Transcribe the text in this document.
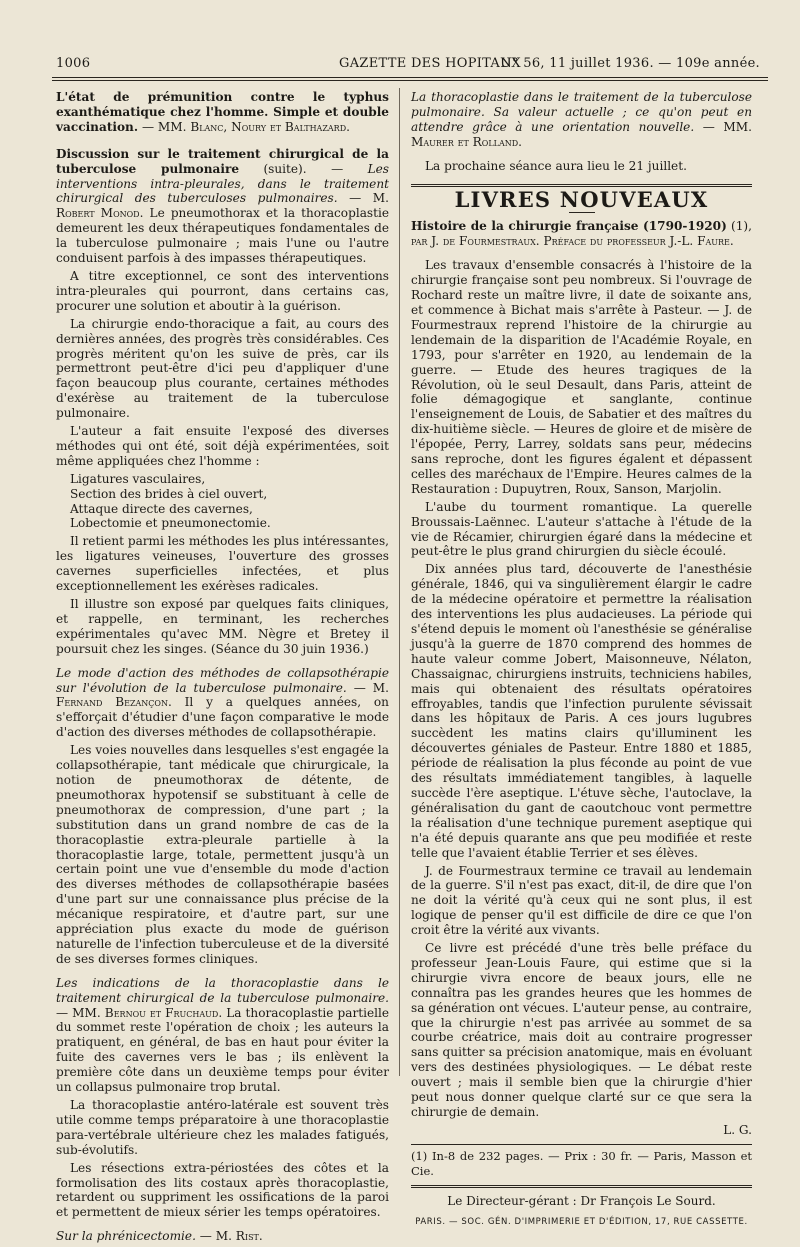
1006	GAZETTE DES HOPITAUX
N° 56, 11 juillet 1936. — 109e année.

L'état de prémunition contre le typhus exanthématique chez l'homme. Simple et double vaccination. — MM. Blanc, Noury et Balthazard.

Discussion sur le traitement chirurgical de la tuberculose pulmonaire (suite). — Les interventions intra-pleurales, dans le traitement chirurgical des tuberculoses pulmonaires. — M. Robert Monod. Le pneumothorax et la thoracoplastie demeurent les deux thérapeutiques fondamentales de la tuberculose pulmonaire ; mais l'une ou l'autre conduisent parfois à des impasses thérapeutiques.

A titre exceptionnel, ce sont des interventions intra-pleurales qui pourront, dans certains cas, procurer une solution et aboutir à la guérison.

La chirurgie endo-thoracique a fait, au cours des dernières années, des progrès très considérables. Ces progrès méritent qu'on les suive de près, car ils permettront peut-être d'ici peu d'appliquer d'une façon beaucoup plus courante, certaines méthodes d'exérèse au traitement de la tuberculose pulmonaire.

L'auteur a fait ensuite l'exposé des diverses méthodes qui ont été, soit déjà expérimentées, soit même appliquées chez l'homme :

Ligatures vasculaires,

Section des brides à ciel ouvert,

Attaque directe des cavernes,

Lobectomie et pneumonectomie.

Il retient parmi les méthodes les plus intéressantes, les ligatures veineuses, l'ouverture des grosses cavernes superficielles infectées, et plus exceptionnellement les exérèses radicales.

Il illustre son exposé par quelques faits cliniques, et rappelle, en terminant, les recherches expérimentales qu'avec MM. Nègre et Bretey il poursuit chez les singes. (Séance du 30 juin 1936.)

Le mode d'action des méthodes de collapsothérapie sur l'évolution de la tuberculose pulmonaire. — M. Fernand Bezançon. Il y a quelques années, on s'efforçait d'étudier d'une façon comparative le mode d'action des diverses méthodes de collapsothérapie.

Les voies nouvelles dans lesquelles s'est engagée la collapsothérapie, tant médicale que chirurgicale, la notion de pneumothorax de détente, de pneumothorax hypotensif se substituant à celle de pneumothorax de compression, d'une part ; la substitution dans un grand nombre de cas de la thoracoplastie extra-pleurale partielle à la thoracoplastie large, totale, permettent jusqu'à un certain point une vue d'ensemble du mode d'action des diverses méthodes de collapsothérapie basées d'une part sur une connaissance plus précise de la mécanique respiratoire, et d'autre part, sur une appréciation plus exacte du mode de guérison naturelle de l'infection tuberculeuse et de la diversité de ses diverses formes cliniques.

Les indications de la thoracoplastie dans le traitement chirurgical de la tuberculose pulmonaire. — MM. Bernou et Fruchaud. La thoracoplastie partielle du sommet reste l'opération de choix ; les auteurs la pratiquent, en général, de bas en haut pour éviter la fuite des cavernes vers le bas ; ils enlèvent la première côte dans un deuxième temps pour éviter un collapsus pulmonaire trop brutal.

La thoracoplastie antéro-latérale est souvent très utile comme temps préparatoire à une thoracoplastie para-vertébrale ultérieure chez les malades fatigués, sub-évolutifs.

Les résections extra-périostées des côtes et la formolisation des lits costaux après thoracoplastie, retardent ou suppriment les ossifications de la paroi et permettent de mieux sérier les temps opératoires.

Sur la phrénicectomie. — M. Rist.

La thoracoplastie dans le traitement de la tuberculose pulmonaire. Sa valeur actuelle ; ce qu'on peut en attendre grâce à une orientation nouvelle. — MM. Maurer et Rolland.

La prochaine séance aura lieu le 21 juillet.

LIVRES NOUVEAUX

Histoire de la chirurgie française (1790-1920) (1), par J. de Fourmestraux. Préface du professeur J.-L. Faure.

Les travaux d'ensemble consacrés à l'histoire de la chirurgie française sont peu nombreux. Si l'ouvrage de Rochard reste un maître livre, il date de soixante ans, et commence à Bichat mais s'arrête à Pasteur. — J. de Fourmestraux reprend l'histoire de la chirurgie au lendemain de la disparition de l'Académie Royale, en 1793, pour s'arrêter en 1920, au lendemain de la guerre. — Etude des heures tragiques de la Révolution, où le seul Desault, dans Paris, atteint de folie démagogique et sanglante, continue l'enseignement de Louis, de Sabatier et des maîtres du dix-huitième siècle. — Heures de gloire et de misère de l'épopée, Perry, Larrey, soldats sans peur, médecins sans reproche, dont les figures égalent et dépassent celles des maréchaux de l'Empire. Heures calmes de la Restauration : Dupuytren, Roux, Sanson, Marjolin.

L'aube du tourment romantique. La querelle Broussais-Laënnec. L'auteur s'attache à l'étude de la vie de Récamier, chirurgien égaré dans la médecine et peut-être le plus grand chirurgien du siècle écoulé.

Dix années plus tard, découverte de l'anesthésie générale, 1846, qui va singulièrement élargir le cadre de la médecine opératoire et permettre la réalisation des interventions les plus audacieuses. La période qui s'étend depuis le moment où l'anesthésie se généralise jusqu'à la guerre de 1870 comprend des hommes de haute valeur comme Jobert, Maisonneuve, Nélaton, Chassaignac, chirurgiens instruits, techniciens habiles, mais qui obtenaient des résultats opératoires effroyables, tandis que l'infection purulente sévissait dans les hôpitaux de Paris. A ces jours lugubres succèdent les matins clairs qu'illuminent les découvertes géniales de Pasteur. Entre 1880 et 1885, période de réalisation la plus féconde au point de vue des résultats immédiatement tangibles, à laquelle succède l'ère aseptique. L'étuve sèche, l'autoclave, la généralisation du gant de caoutchouc vont permettre la réalisation d'une technique purement aseptique qui n'a été depuis quarante ans que peu modifiée et reste telle que l'avaient établie Terrier et ses élèves.

J. de Fourmestraux termine ce travail au lendemain de la guerre. S'il n'est pas exact, dit-il, de dire que l'on ne doit la vérité qu'à ceux qui ne sont plus, il est logique de penser qu'il est difficile de dire ce que l'on croit être la vérité aux vivants.

Ce livre est précédé d'une très belle préface du professeur Jean-Louis Faure, qui estime que si la chirurgie vivra encore de beaux jours, elle ne connaîtra pas les grandes heures que les hommes de sa génération ont vécues. L'auteur pense, au contraire, que la chirurgie n'est pas arrivée au sommet de sa courbe créatrice, mais doit au contraire progresser sans quitter sa précision anatomique, mais en évoluant vers des destinées physiologiques. — Le débat reste ouvert ; mais il semble bien que la chirurgie d'hier peut nous donner quelque clarté sur ce que sera la chirurgie de demain.

L. G.
(1) In-8 de 232 pages. — Prix : 30 fr. — Paris, Masson et Cie.
Le Directeur-gérant : Dr François Le Sourd.
PARIS. — SOC. GÉN. D'IMPRIMERIE ET D'ÉDITION, 17, RUE CASSETTE.
